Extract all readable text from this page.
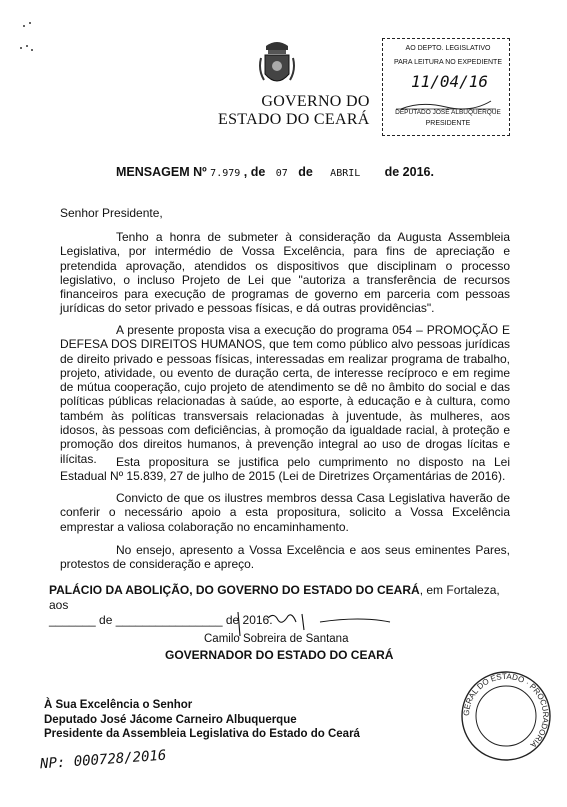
GOVERNO DO

ESTADO DO CEARÁ
AO DEPTO. LEGISLATIVO
PARA LEITURA NO EXPEDIENTE
11/04/16
DEPUTADO JOSÉ ALBUQUERQUE
PRESIDENTE
MENSAGEM Nº 7.979 , de 07 de ABRIL de 2016.
Senhor Presidente,

Tenho a honra de submeter à consideração da Augusta Assembleia Legislativa, por intermédio de Vossa Excelência, para fins de apreciação e pretendida aprovação, atendidos os dispositivos que disciplinam o processo legislativo, o incluso Projeto de Lei que "autoriza a transferência de recursos financeiros para execução de programas de governo em parceria com pessoas jurídicas do setor privado e pessoas físicas, e dá outras providências".

A presente proposta visa a execução do programa 054 – PROMOÇÃO E DEFESA DOS DIREITOS HUMANOS, que tem como público alvo pessoas jurídicas de direito privado e pessoas físicas, interessadas em realizar programa de trabalho, projeto, atividade, ou evento de duração certa, de interesse recíproco e em regime de mútua cooperação, cujo projeto de atendimento se dê no âmbito do social e das políticas públicas relacionadas à saúde, ao esporte, à educação e à cultura, como também às políticas transversais relacionadas à juventude, às mulheres, aos idosos, às pessoas com deficiências, à promoção da igualdade racial, à proteção e promoção dos direitos humanos, à prevenção integral ao uso de drogas lícitas e ilícitas.	Esta propositura se justifica pelo cumprimento no disposto na Lei Estadual Nº 15.839, 27 de julho de 2015 (Lei de Diretrizes Orçamentárias de 2016).

Convicto de que os ilustres membros dessa Casa Legislativa haverão de conferir o necessário apoio a esta propositura, solicito a Vossa Excelência emprestar a valiosa colaboração no encaminhamento.

No ensejo, apresento a Vossa Excelência e aos seus eminentes Pares, protestos de consideração e apreço.

PALÁCIO DA ABOLIÇÃO, DO GOVERNO DO ESTADO DO CEARÁ, em Fortaleza, aos
_______ de ________________ de 2016.
Camilo Sobreira de Santana
GOVERNADOR DO ESTADO DO CEARÁ
À Sua Excelência o Senhor
Deputado José Jácome Carneiro Albuquerque
Presidente da Assembleia Legislativa do Estado do Ceará
GERAL DO ESTADO · PROCURADORIA
NP: 000728/2016
